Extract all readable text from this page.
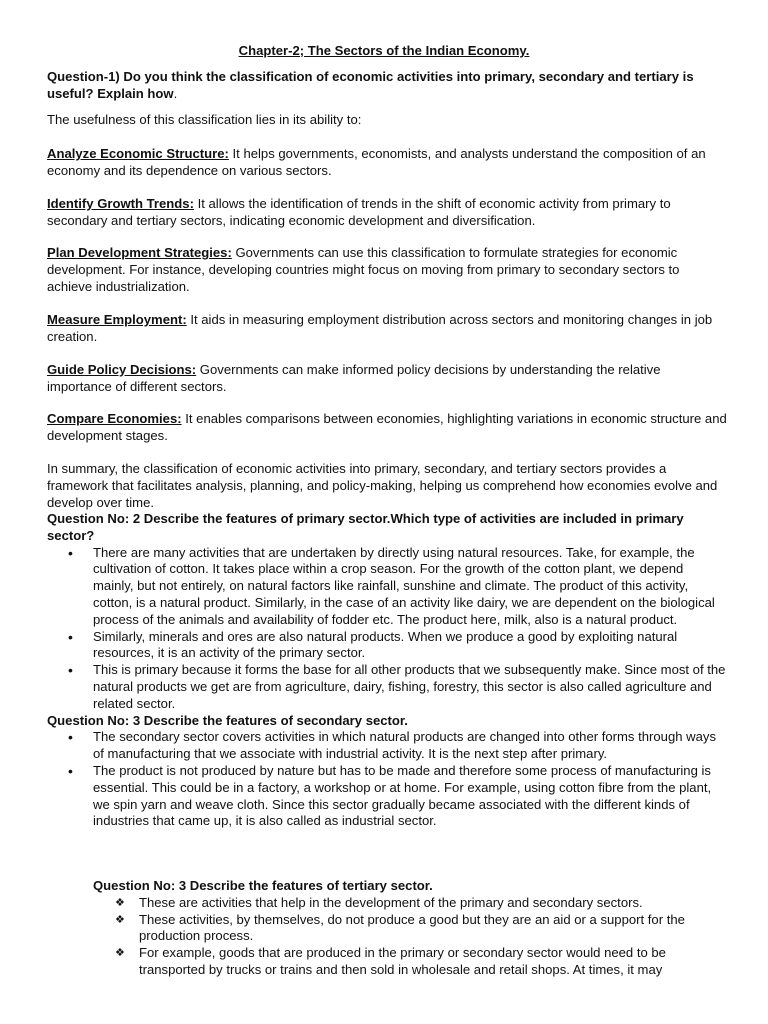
Chapter-2; The Sectors of the Indian Economy.
Question-1) Do you think the classification of economic activities into primary, secondary and tertiary is useful? Explain how.
The usefulness of this classification lies in its ability to:
Analyze Economic Structure: It helps governments, economists, and analysts understand the composition of an economy and its dependence on various sectors.
Identify Growth Trends: It allows the identification of trends in the shift of economic activity from primary to secondary and tertiary sectors, indicating economic development and diversification.
Plan Development Strategies: Governments can use this classification to formulate strategies for economic development. For instance, developing countries might focus on moving from primary to secondary sectors to achieve industrialization.
Measure Employment: It aids in measuring employment distribution across sectors and monitoring changes in job creation.
Guide Policy Decisions: Governments can make informed policy decisions by understanding the relative importance of different sectors.
Compare Economies: It enables comparisons between economies, highlighting variations in economic structure and development stages.
In summary, the classification of economic activities into primary, secondary, and tertiary sectors provides a framework that facilitates analysis, planning, and policy-making, helping us comprehend how economies evolve and develop over time.
Question No: 2 Describe the features of primary sector.Which type of activities are included in primary sector?
• There are many activities that are undertaken by directly using natural resources. Take, for example, the cultivation of cotton. It takes place within a crop season. For the growth of the cotton plant, we depend mainly, but not entirely, on natural factors like rainfall, sunshine and climate. The product of this activity, cotton, is a natural product. Similarly, in the case of an activity like dairy, we are dependent on the biological process of the animals and availability of fodder etc. The product here, milk, also is a natural product.
• Similarly, minerals and ores are also natural products. When we produce a good by exploiting natural resources, it is an activity of the primary sector.
• This is primary because it forms the base for all other products that we subsequently make. Since most of the natural products we get are from agriculture, dairy, fishing, forestry, this sector is also called agriculture and related sector.
Question No: 3 Describe the features of secondary sector.
• The secondary sector covers activities in which natural products are changed into other forms through ways of manufacturing that we associate with industrial activity. It is the next step after primary.
• The product is not produced by nature but has to be made and therefore some process of manufacturing is essential. This could be in a factory, a workshop or at home. For example, using cotton fibre from the plant, we spin yarn and weave cloth. Since this sector gradually became associated with the different kinds of industries that came up, it is also called as industrial sector.
Question No: 3 Describe the features of tertiary sector.
❖ These are activities that help in the development of the primary and secondary sectors.
❖ These activities, by themselves, do not produce a good but they are an aid or a support for the production process.
❖ For example, goods that are produced in the primary or secondary sector would need to be transported by trucks or trains and then sold in wholesale and retail shops. At times, it may
